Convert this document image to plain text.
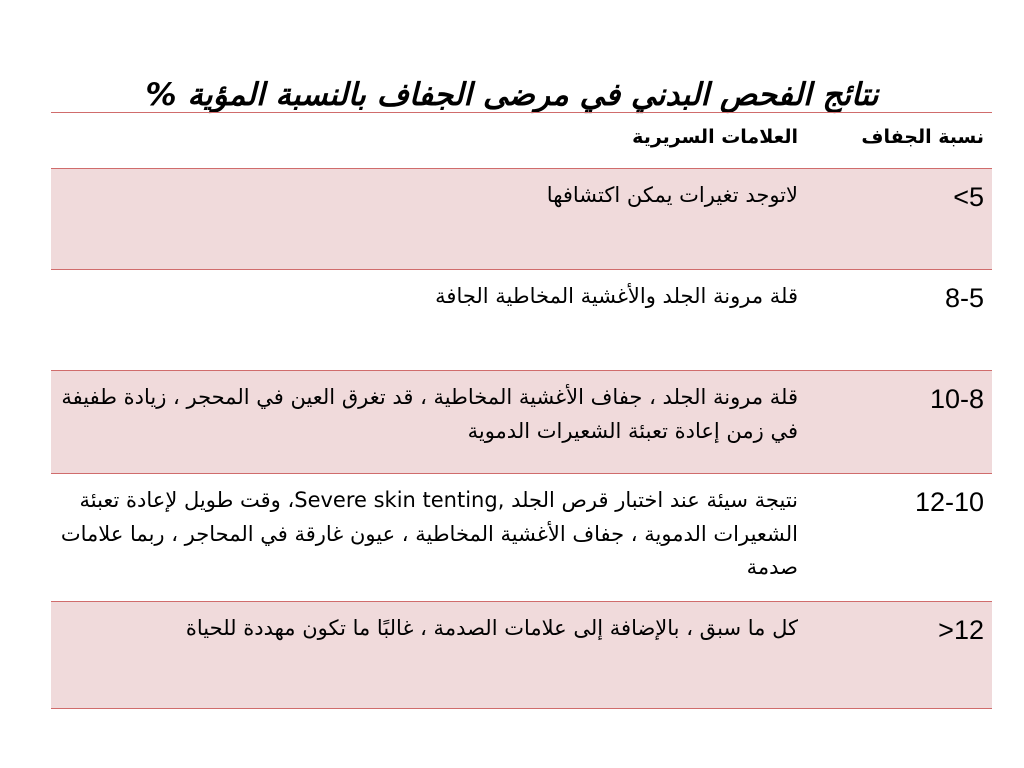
نتائج الفحص البدني في مرضى الجفاف بالنسبة المؤية %
نسبة الجفاف	العلامات السريرية
5>	لاتوجد تغيرات يمكن اكتشافها
8-5	قلة مرونة الجلد والأغشية المخاطية الجافة
10-8	قلة مرونة الجلد ، جفاف الأغشية المخاطية ، قد تغرق العين في المحجر ، زيادة طفيفة في زمن إعادة تعبئة الشعيرات الدموية
12-10	نتيجة سيئة عند اختبار قرص الجلد Severe skin tenting,، وقت طويل لإعادة تعبئة الشعيرات الدموية ، جفاف الأغشية المخاطية ، عيون غارقة في المحاجر ، ربما علامات صدمة
12<	كل ما سبق ، بالإضافة إلى علامات الصدمة ، غالبًا ما تكون مهددة للحياة
